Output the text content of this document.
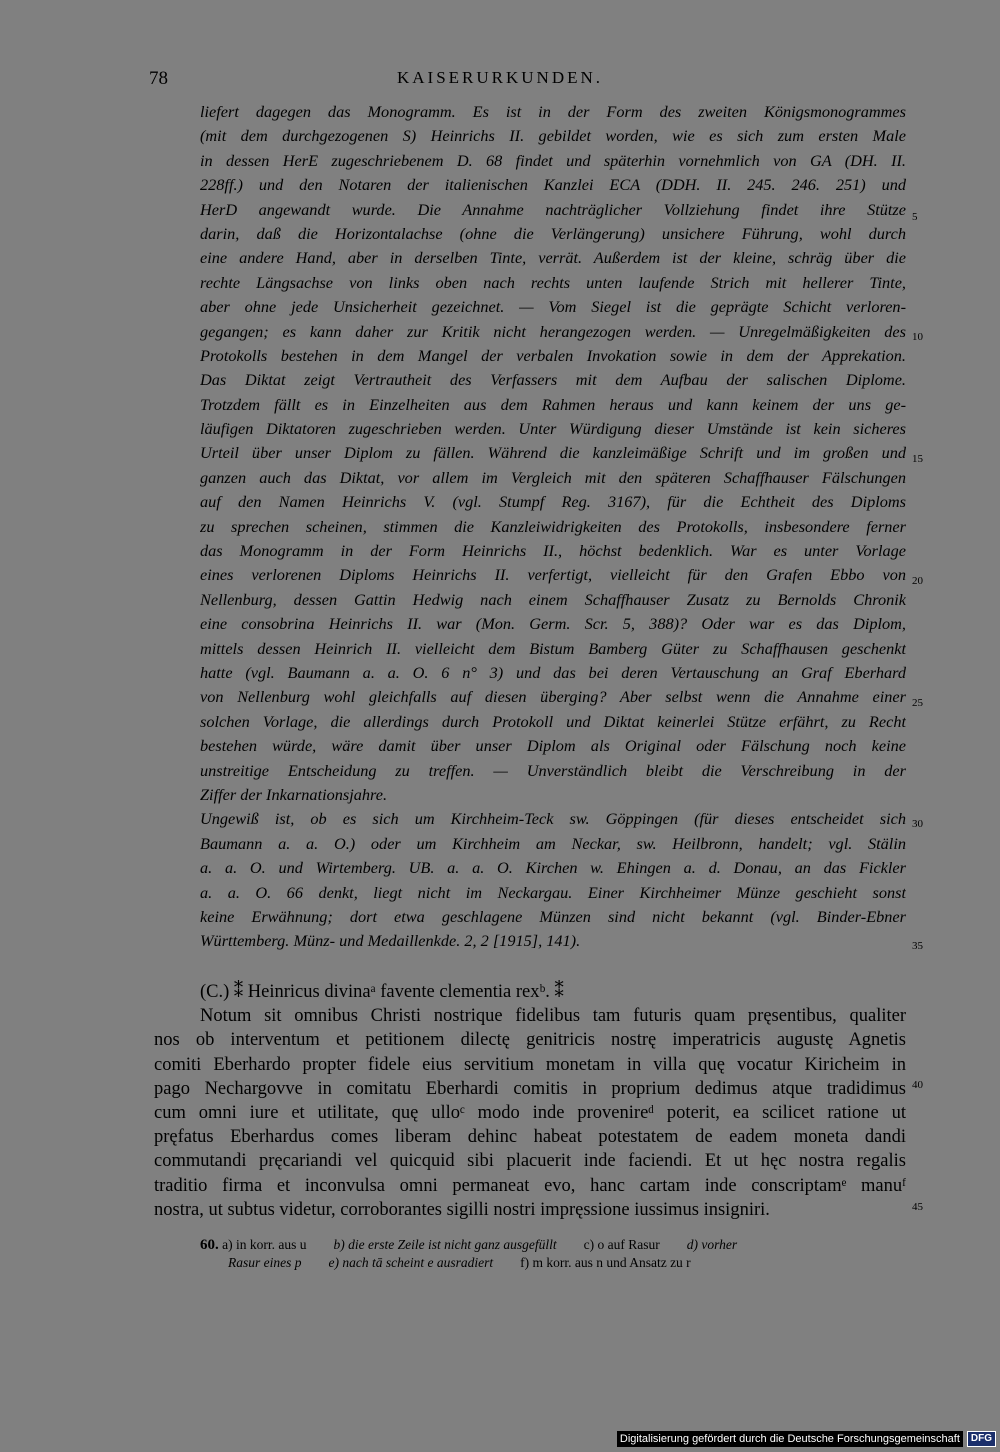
78	KAISERURKUNDEN.
liefert dagegen das Monogramm. Es ist in der Form des zweiten Königsmonogrammes
(mit dem durchgezogenen S) Heinrichs II. gebildet worden, wie es sich zum ersten Male
in dessen HerE zugeschriebenem D. 68 findet und späterhin vornehmlich von GA (DH. II.
228ff.) und den Notaren der italienischen Kanzlei ECA (DDH. II. 245. 246. 251) und
HerD angewandt wurde. Die Annahme nachträglicher Vollziehung findet ihre Stütze
darin, daß die Horizontalachse (ohne die Verlängerung) unsichere Führung, wohl durch
eine andere Hand, aber in derselben Tinte, verrät. Außerdem ist der kleine, schräg über die
rechte Längsachse von links oben nach rechts unten laufende Strich mit hellerer Tinte,
aber ohne jede Unsicherheit gezeichnet. — Vom Siegel ist die geprägte Schicht verloren-
gegangen; es kann daher zur Kritik nicht herangezogen werden. — Unregelmäßigkeiten des
Protokolls bestehen in dem Mangel der verbalen Invokation sowie in dem der Apprekation.
Das Diktat zeigt Vertrautheit des Verfassers mit dem Aufbau der salischen Diplome.
Trotzdem fällt es in Einzelheiten aus dem Rahmen heraus und kann keinem der uns ge-
läufigen Diktatoren zugeschrieben werden. Unter Würdigung dieser Umstände ist kein sicheres
Urteil über unser Diplom zu fällen. Während die kanzleimäßige Schrift und im großen und
ganzen auch das Diktat, vor allem im Vergleich mit den späteren Schaffhauser Fälschungen
auf den Namen Heinrichs V. (vgl. Stumpf Reg. 3167), für die Echtheit des Diploms
zu sprechen scheinen, stimmen die Kanzleiwidrigkeiten des Protokolls, insbesondere ferner
das Monogramm in der Form Heinrichs II., höchst bedenklich. War es unter Vorlage
eines verlorenen Diploms Heinrichs II. verfertigt, vielleicht für den Grafen Ebbo von
Nellenburg, dessen Gattin Hedwig nach einem Schaffhauser Zusatz zu Bernolds Chronik
eine consobrina Heinrichs II. war (Mon. Germ. Scr. 5, 388)? Oder war es das Diplom,
mittels dessen Heinrich II. vielleicht dem Bistum Bamberg Güter zu Schaffhausen geschenkt
hatte (vgl. Baumann a. a. O. 6 n° 3) und das bei deren Vertauschung an Graf Eberhard
von Nellenburg wohl gleichfalls auf diesen überging? Aber selbst wenn die Annahme einer
solchen Vorlage, die allerdings durch Protokoll und Diktat keinerlei Stütze erfährt, zu Recht
bestehen würde, wäre damit über unser Diplom als Original oder Fälschung noch keine
unstreitige Entscheidung zu treffen. — Unverständlich bleibt die Verschreibung in der
Ziffer der Inkarnationsjahre.
Ungewiß ist, ob es sich um Kirchheim-Teck sw. Göppingen (für dieses entscheidet sich
Baumann a. a. O.) oder um Kirchheim am Neckar, sw. Heilbronn, handelt; vgl. Stälin
a. a. O. und Wirtemberg. UB. a. a. O. Kirchen w. Ehingen a. d. Donau, an das Fickler
a. a. O. 66 denkt, liegt nicht im Neckargau. Einer Kirchheimer Münze geschieht sonst
keine Erwähnung; dort etwa geschlagene Münzen sind nicht bekannt (vgl. Binder-Ebner
Württemberg. Münz- und Medaillenkde. 2, 2 [1915], 141).
5
10
15
20
25
30
35
(C.) ⁑ Heinricus divinaᵃ favente clementia rexᵇ. ⁑
Notum sit omnibus Christi nostrique fidelibus tam futuris quam pręsentibus, qualiter
nos ob interventum et petitionem dilectę genitricis nostrę imperatricis augustę Agnetis
comiti Eberhardo propter fidele eius servitium monetam in villa quę vocatur Kiricheim in
pago Nechargovve in comitatu Eberhardi comitis in proprium dedimus atque tradidimus
cum omni iure et utilitate, quę ulloᶜ modo inde provenireᵈ poterit, ea scilicet ratione ut
pręfatus Eberhardus comes liberam dehinc habeat potestatem de eadem moneta dandi
commutandi pręcariandi vel quicquid sibi placuerit inde faciendi. Et ut hęc nostra regalis
traditio firma et inconvulsa omni permaneat evo, hanc cartam inde conscriptamᵉ manuᶠ
nostra, ut subtus videtur, corroborantes sigilli nostri impręssione iussimus insigniri.
40
45
60. a) in korr. aus u b) die erste Zeile ist nicht ganz ausgefüllt c) o auf Rasur d) vorher
Rasur eines p e) nach tā scheint e ausradiert f) m korr. aus n und Ansatz zu r
Digitalisierung gefördert durch die Deutsche Forschungsgemeinschaft	DFG
